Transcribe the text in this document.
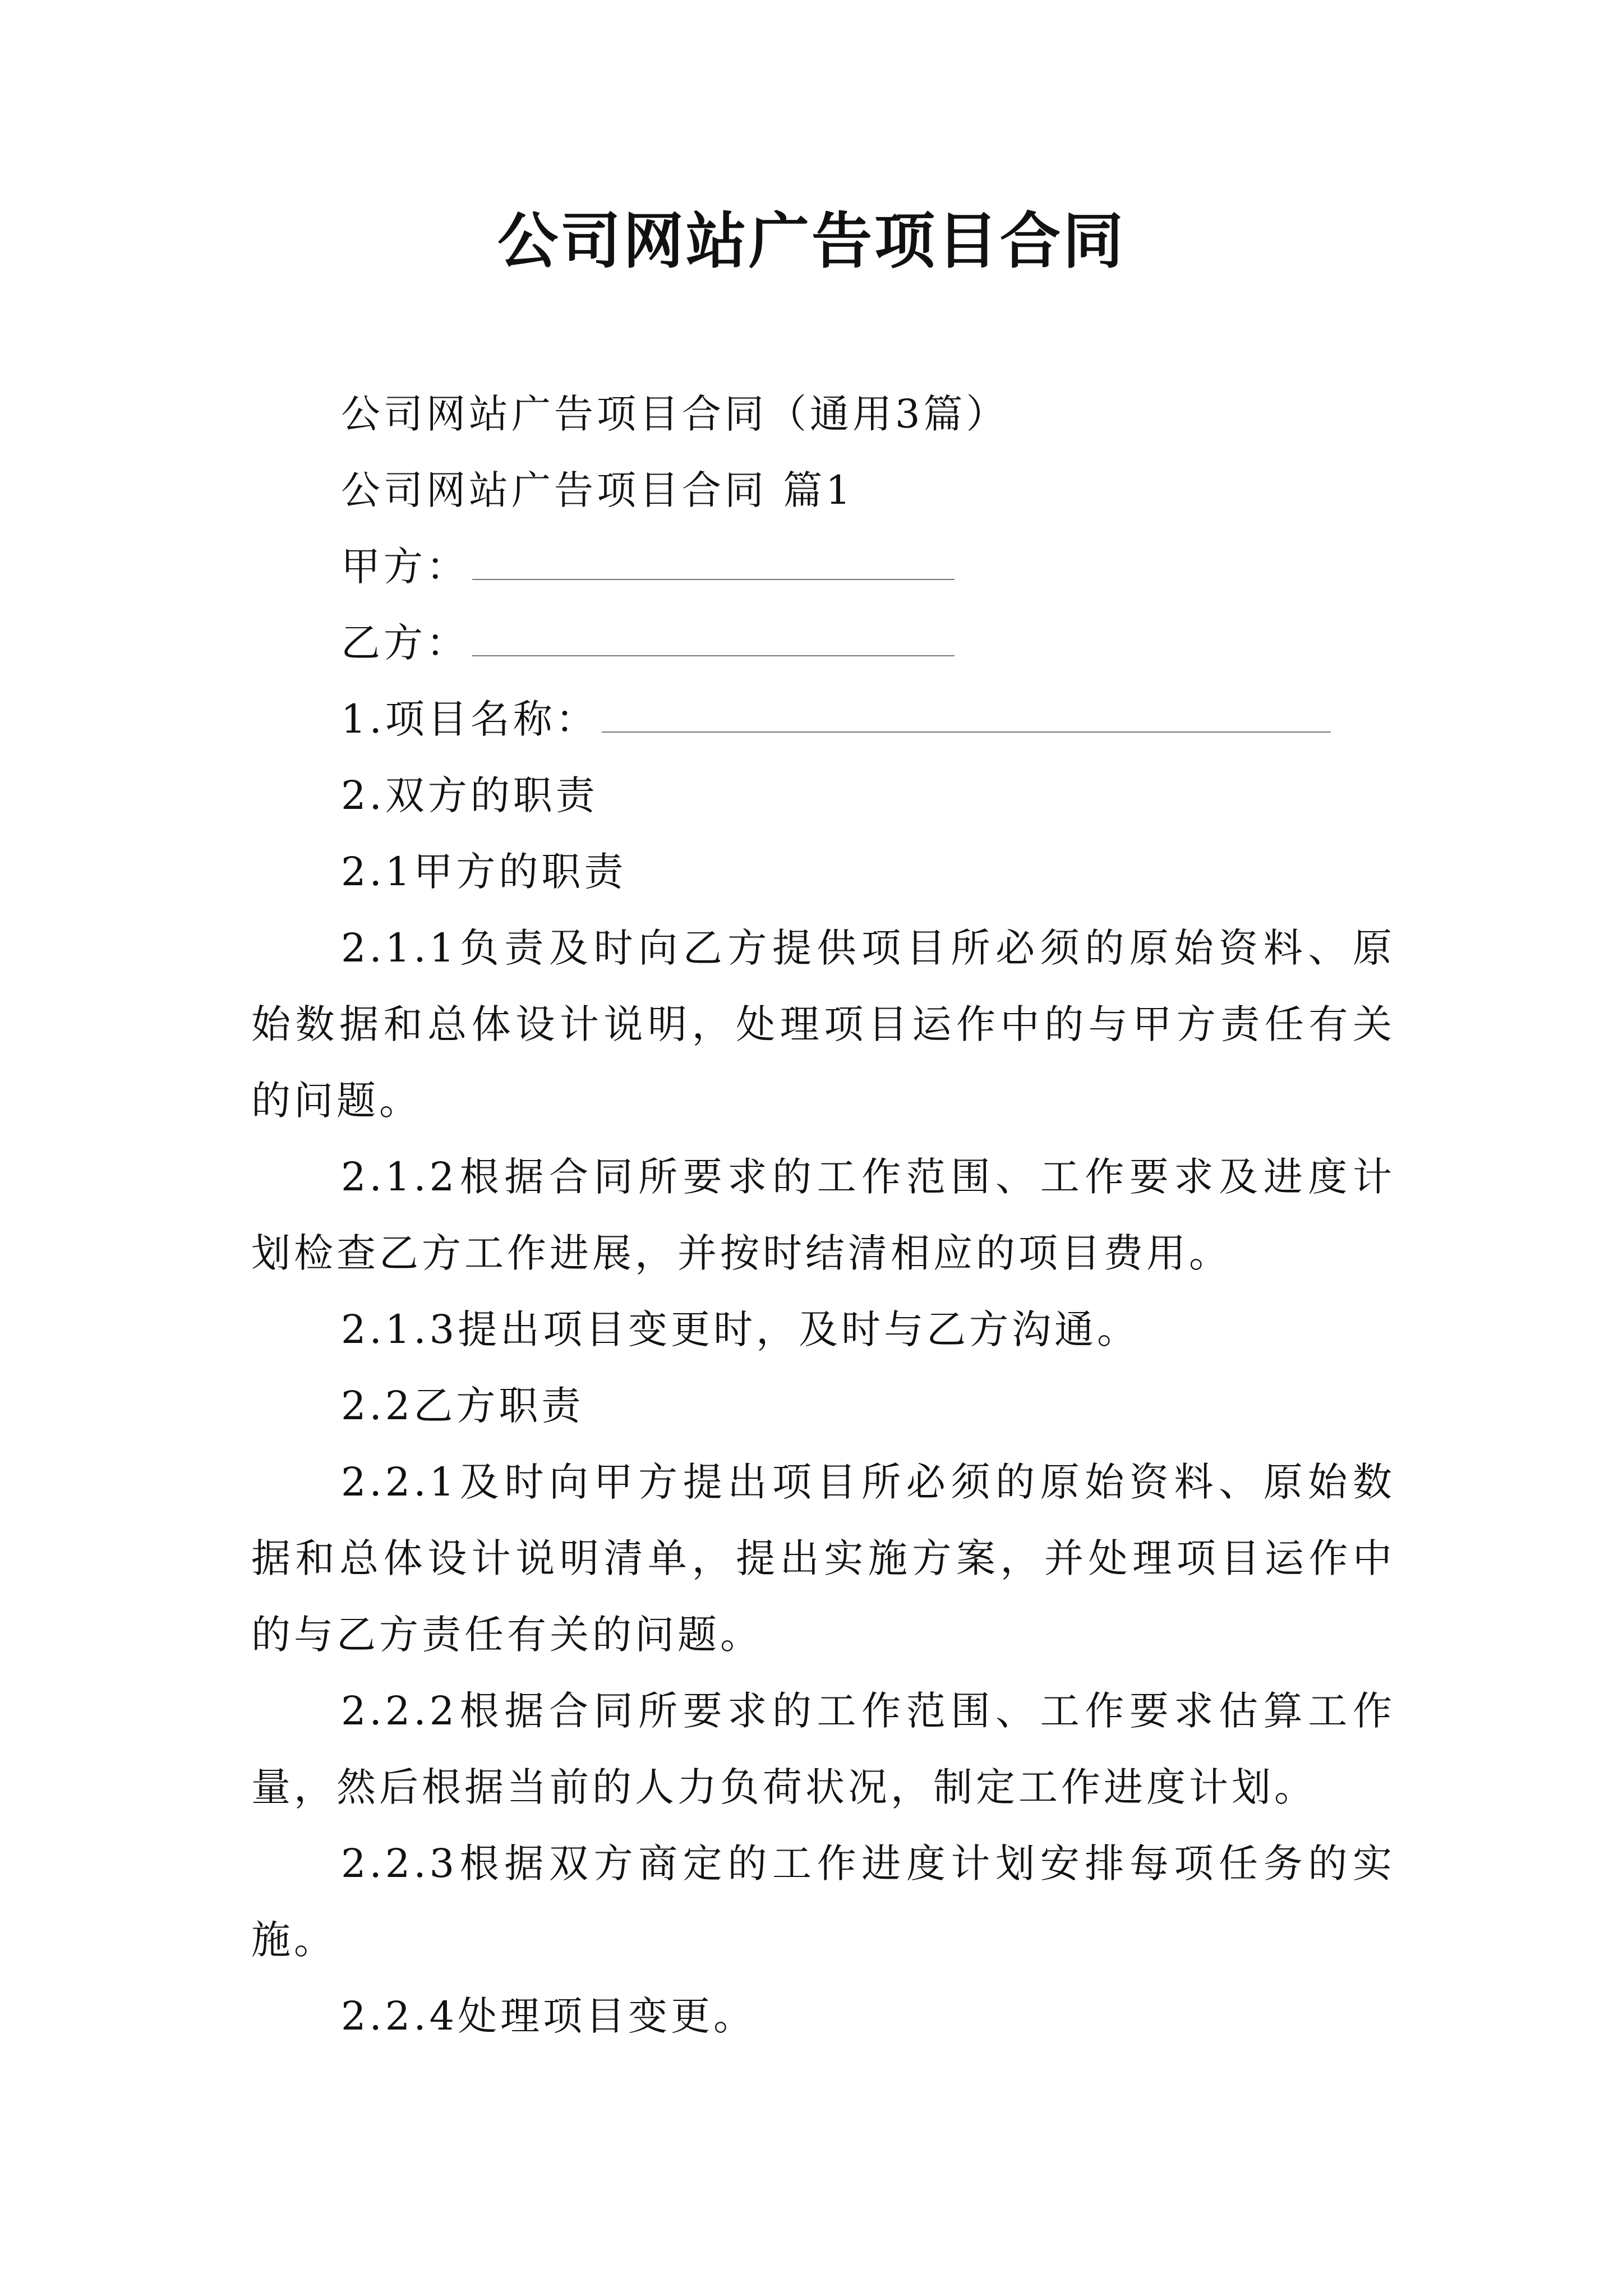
公司网站广告项目合同

公司网站广告项目合同（通用3篇）

公司网站广告项目合同 篇1

甲方：

乙方：

1.项目名称：

2.双方的职责

2.1甲方的职责

2.1.1负责及时向乙方提供项目所必须的原始资料、原始数据和总体设计说明，处理项目运作中的与甲方责任有关的问题。

2.1.2根据合同所要求的工作范围、工作要求及进度计划检查乙方工作进展，并按时结清相应的项目费用。

2.1.3提出项目变更时，及时与乙方沟通。

2.2乙方职责

2.2.1及时向甲方提出项目所必须的原始资料、原始数据和总体设计说明清单，提出实施方案，并处理项目运作中的与乙方责任有关的问题。

2.2.2根据合同所要求的工作范围、工作要求估算工作量，然后根据当前的人力负荷状况，制定工作进度计划。

2.2.3根据双方商定的工作进度计划安排每项任务的实施。

2.2.4处理项目变更。
